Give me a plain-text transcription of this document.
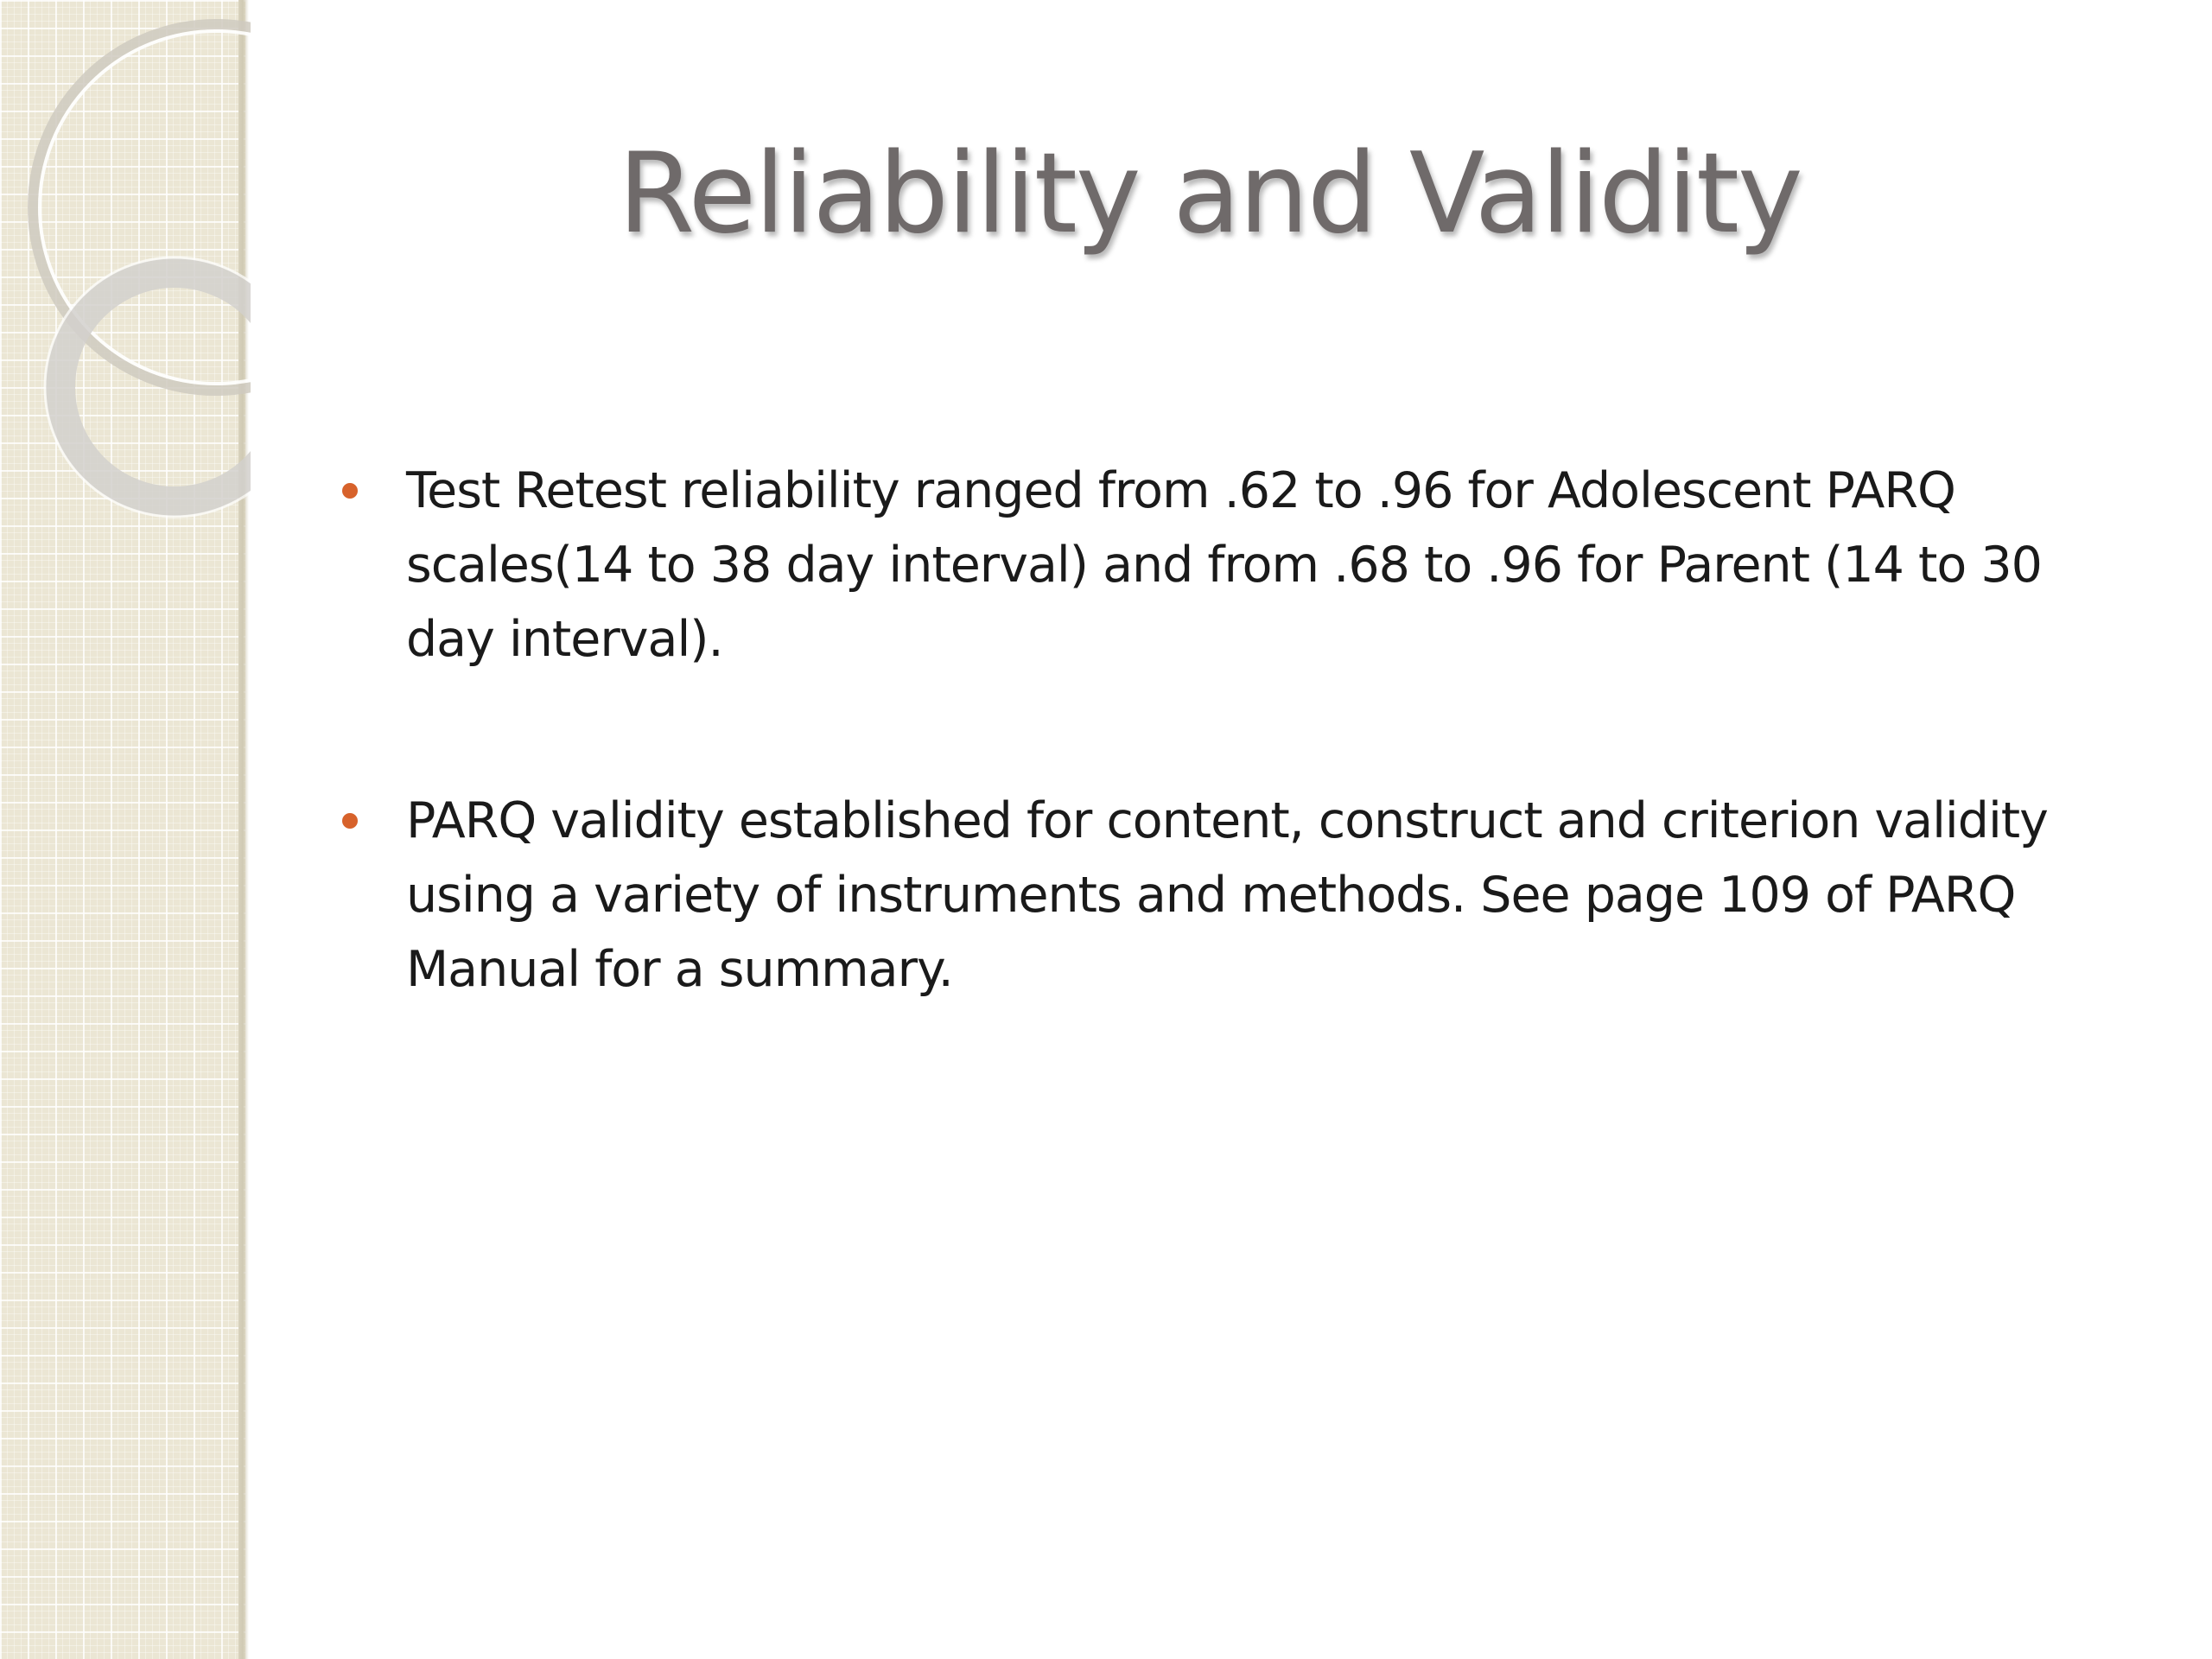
Reliability and Validity
Test Retest reliability ranged from .62 to .96 for Adolescent PARQ scales(14 to 38 day interval) and from .68 to .96 for Parent (14 to 30 day interval).
PARQ validity established for content, construct and criterion validity using a variety of instruments and methods. See page 109 of PARQ Manual for a summary.
